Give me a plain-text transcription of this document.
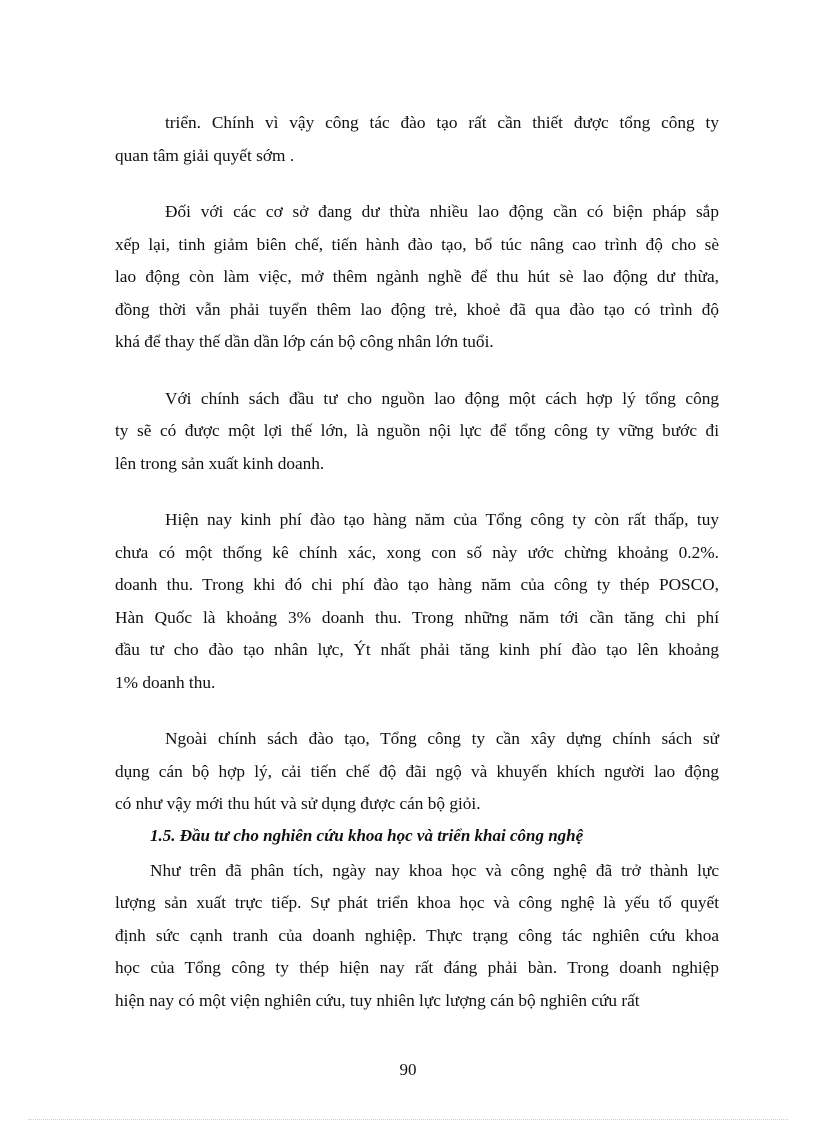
triển. Chính vì vậy công tác đào tạo rất cần thiết được tổng công ty
quan tâm giải quyết sớm .

Đối với các cơ sở đang dư thừa nhiều lao động cần có biện pháp sắp
xếp lại, tinh giảm biên chế, tiến hành đào tạo, bổ túc nâng cao trình độ cho sè
lao động còn làm việc, mở thêm ngành nghề để thu hút sè lao động dư thừa,
đồng thời vẫn phải tuyển thêm lao động trẻ, khoẻ đã qua đào tạo có trình độ
khá để thay thế dần dần lớp cán bộ công nhân lớn tuổi.

Với chính sách đầu tư cho nguồn lao động một cách hợp lý tổng công
ty sẽ có được một lợi thế lớn, là nguồn nội lực để tổng công ty vững bước đi
lên trong sản xuất kinh doanh.

Hiện nay kinh phí đào tạo hàng năm của Tổng công ty còn rất thấp, tuy
chưa có một thống kê chính xác, xong con số này ước chừng khoảng 0.2%.
doanh thu. Trong khi đó chi phí đào tạo hàng năm của công ty thép POSCO,
Hàn Quốc là khoảng 3% doanh thu. Trong những năm tới cần tăng chi phí
đầu tư cho đào tạo nhân lực, Ýt nhất phải tăng kinh phí đào tạo lên khoảng
1% doanh thu.

Ngoài chính sách đào tạo, Tổng công ty cần xây dựng chính sách sử
dụng cán bộ hợp lý, cải tiến chế độ đãi ngộ và khuyến khích người lao động
có như vậy mới thu hút và sử dụng được cán bộ giỏi.

1.5. Đầu tư cho nghiên cứu khoa học và triển khai công nghệ

Như trên đã phân tích, ngày nay khoa học và công nghệ đã trở thành lực
lượng sản xuất trực tiếp. Sự phát triển khoa học và công nghệ là yếu tố quyết
định sức cạnh tranh của doanh nghiệp. Thực trạng công tác nghiên cứu khoa
học của Tổng công ty thép hiện nay rất đáng phải bàn. Trong doanh nghiệp
hiện nay có một viện nghiên cứu, tuy nhiên lực lượng cán bộ nghiên cứu rất

90
